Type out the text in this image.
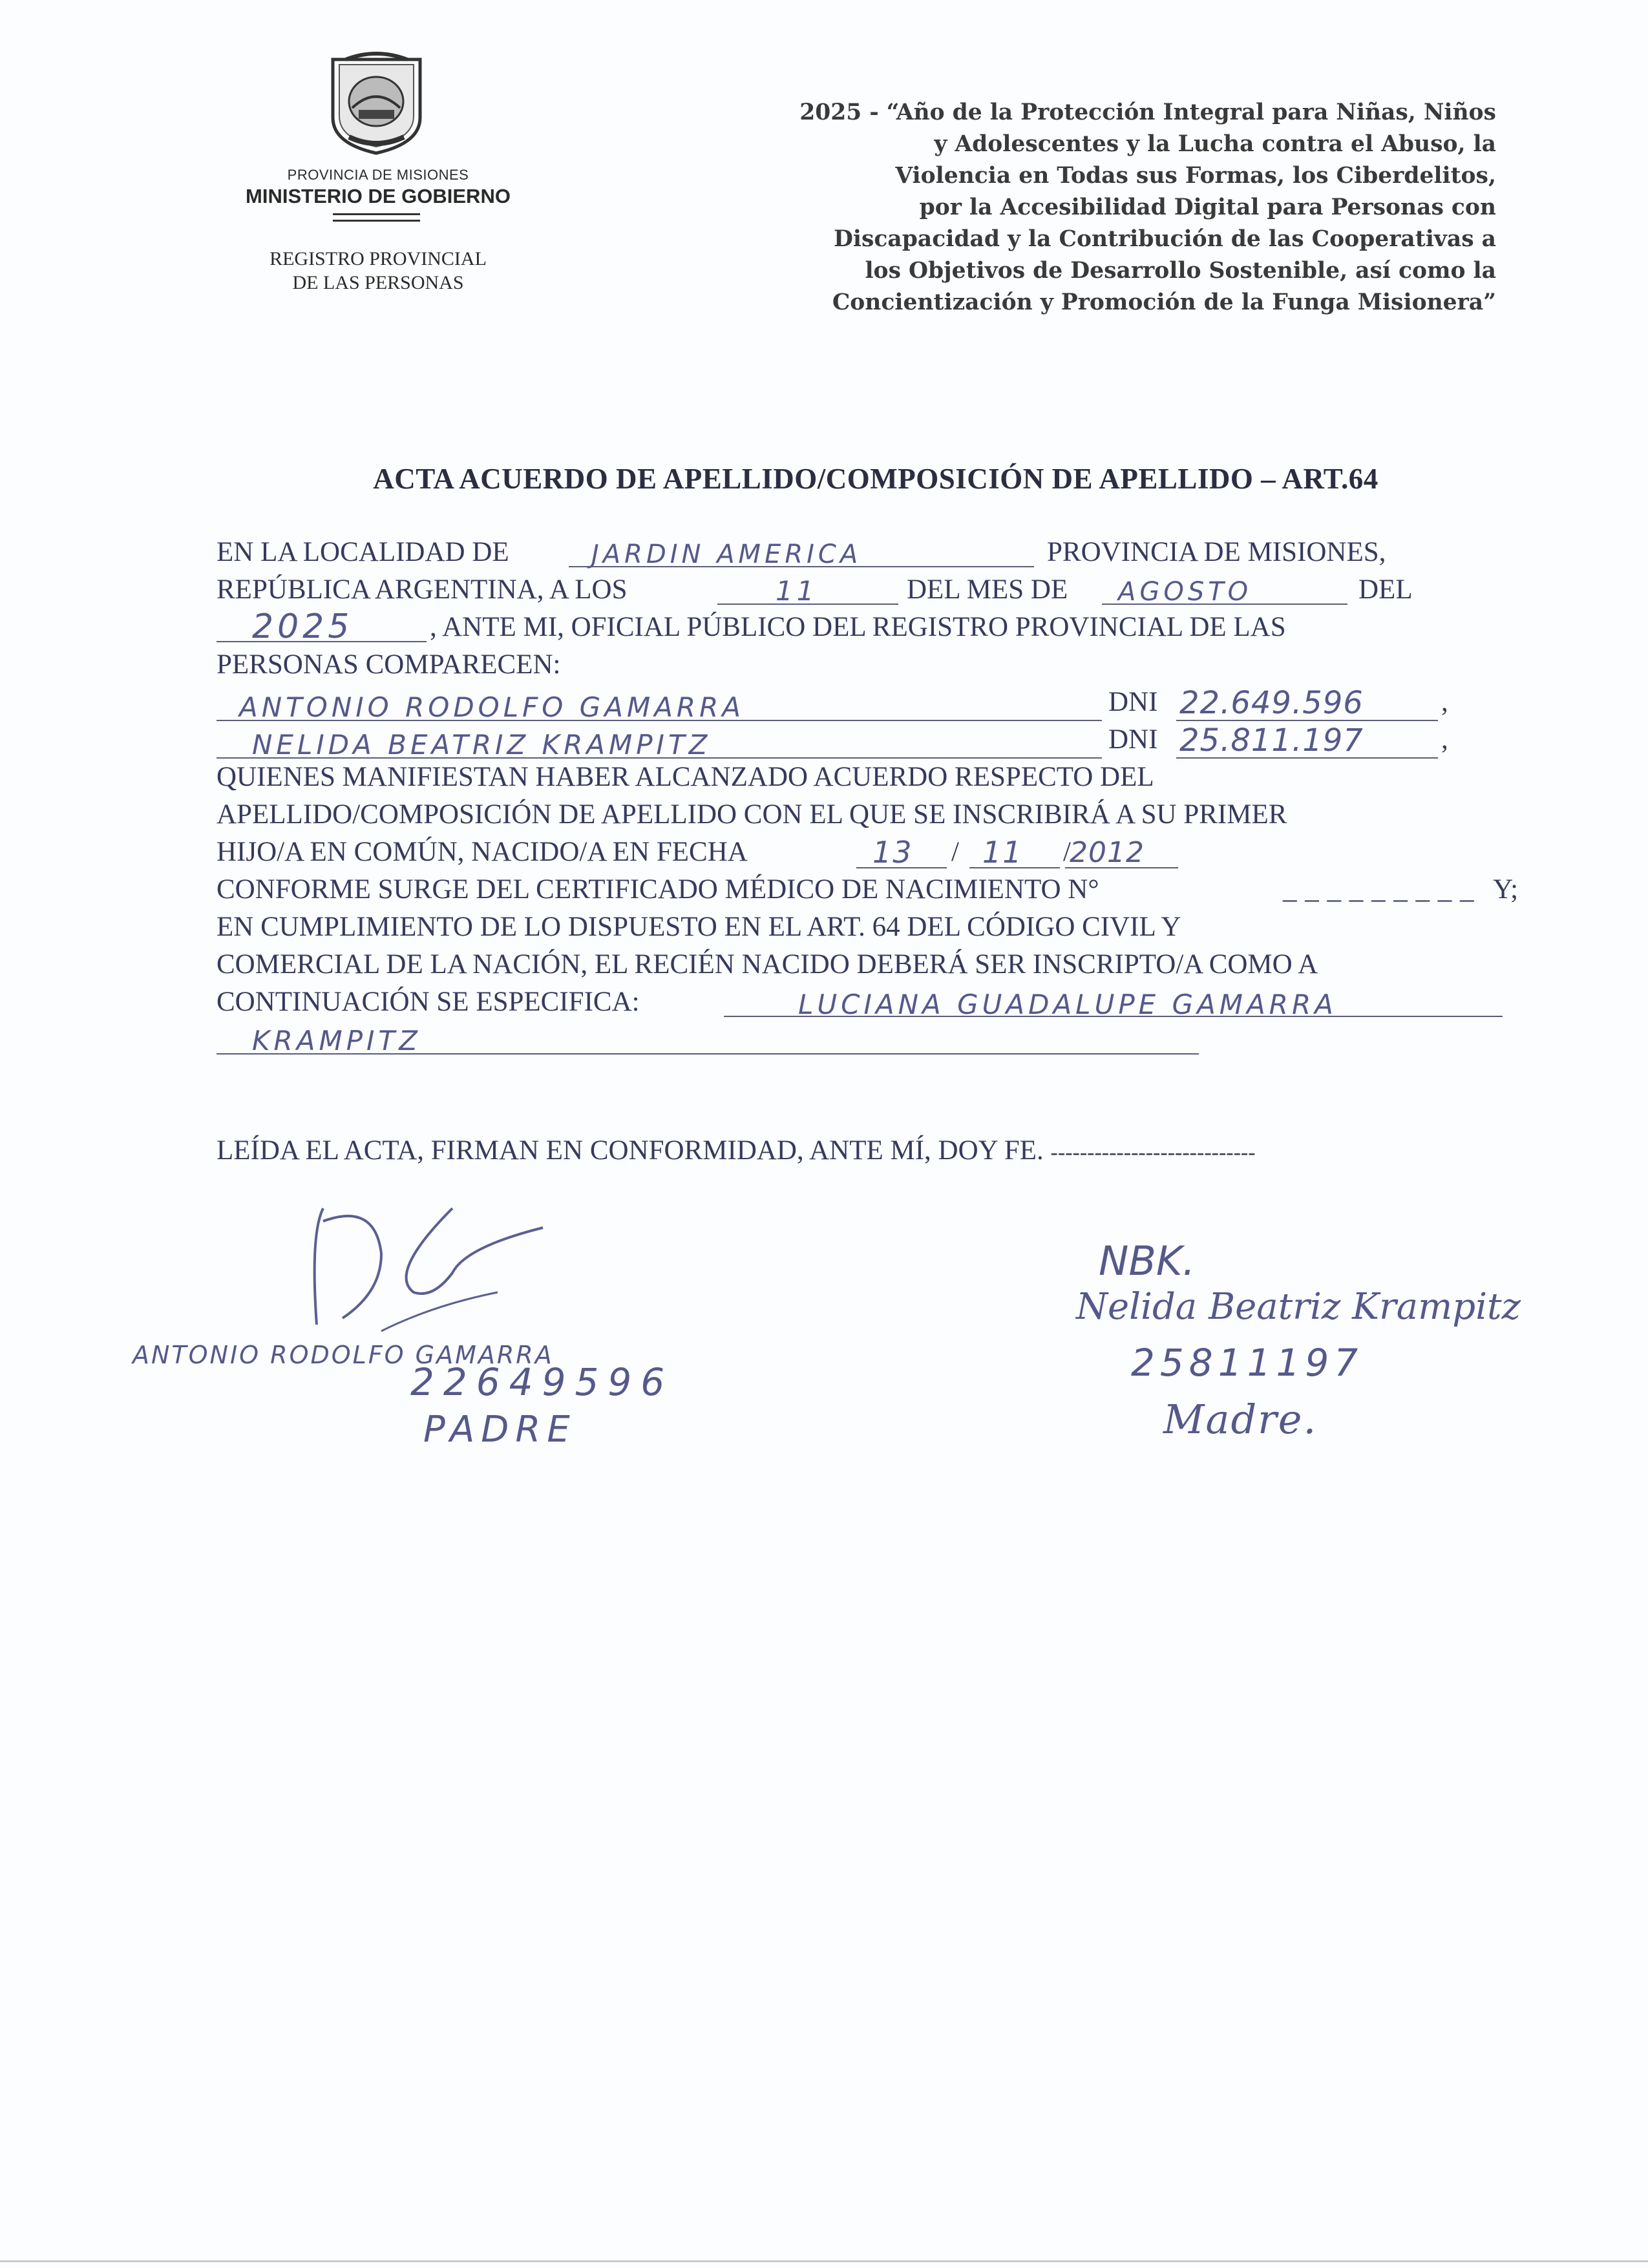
PROVINCIA DE MISIONES
MINISTERIO DE GOBIERNO
REGISTRO PROVINCIAL
DE LAS PERSONAS
2025 - “Año de la Protección Integral para Niñas, Niños
y Adolescentes y la Lucha contra el Abuso, la
Violencia en Todas sus Formas, los Ciberdelitos,
por la Accesibilidad Digital para Personas con
Discapacidad y la Contribución de las Cooperativas a
los Objetivos de Desarrollo Sostenible, así como la
Concientización y Promoción de la Funga Misionera”
ACTA ACUERDO DE APELLIDO/COMPOSICIÓN DE APELLIDO – ART.64
EN LA LOCALIDAD DE	JARDIN AMERICA	PROVINCIA DE MISIONES,
REPÚBLICA ARGENTINA, A LOS	11	DEL MES DE AGOSTO	DEL
2025	, ANTE MI, OFICIAL PÚBLICO DEL REGISTRO PROVINCIAL DE LAS
PERSONAS COMPARECEN:
ANTONIO RODOLFO GAMARRA	DNI 22.649.596	,
NELIDA BEATRIZ KRAMPITZ	DNI 25.811.197	,
QUIENES MANIFIESTAN HABER ALCANZADO ACUERDO RESPECTO DEL
APELLIDO/COMPOSICIÓN DE APELLIDO CON EL QUE SE INSCRIBIRÁ A SU PRIMER
HIJO/A EN COMÚN, NACIDO/A EN FECHA	13 / 11 /
2012
CONFORME SURGE DEL CERTIFICADO MÉDICO DE NACIMIENTO N°	_ _ _ _ _ _ _ _ _ Y;
EN CUMPLIMIENTO DE LO DISPUESTO EN EL ART. 64 DEL CÓDIGO CIVIL Y
COMERCIAL DE LA NACIÓN, EL RECIÉN NACIDO DEBERÁ SER INSCRIPTO/A COMO A
CONTINUACIÓN SE ESPECIFICA:	LUCIANA GUADALUPE GAMARRA
KRAMPITZ
LEÍDA EL ACTA, FIRMAN EN CONFORMIDAD, ANTE MÍ, DOY FE. ----------------------------
ANTONIO RODOLFO GAMARRA
22649596
PADRE
NBK.
Nelida Beatriz Krampitz
25811197
Madre.
